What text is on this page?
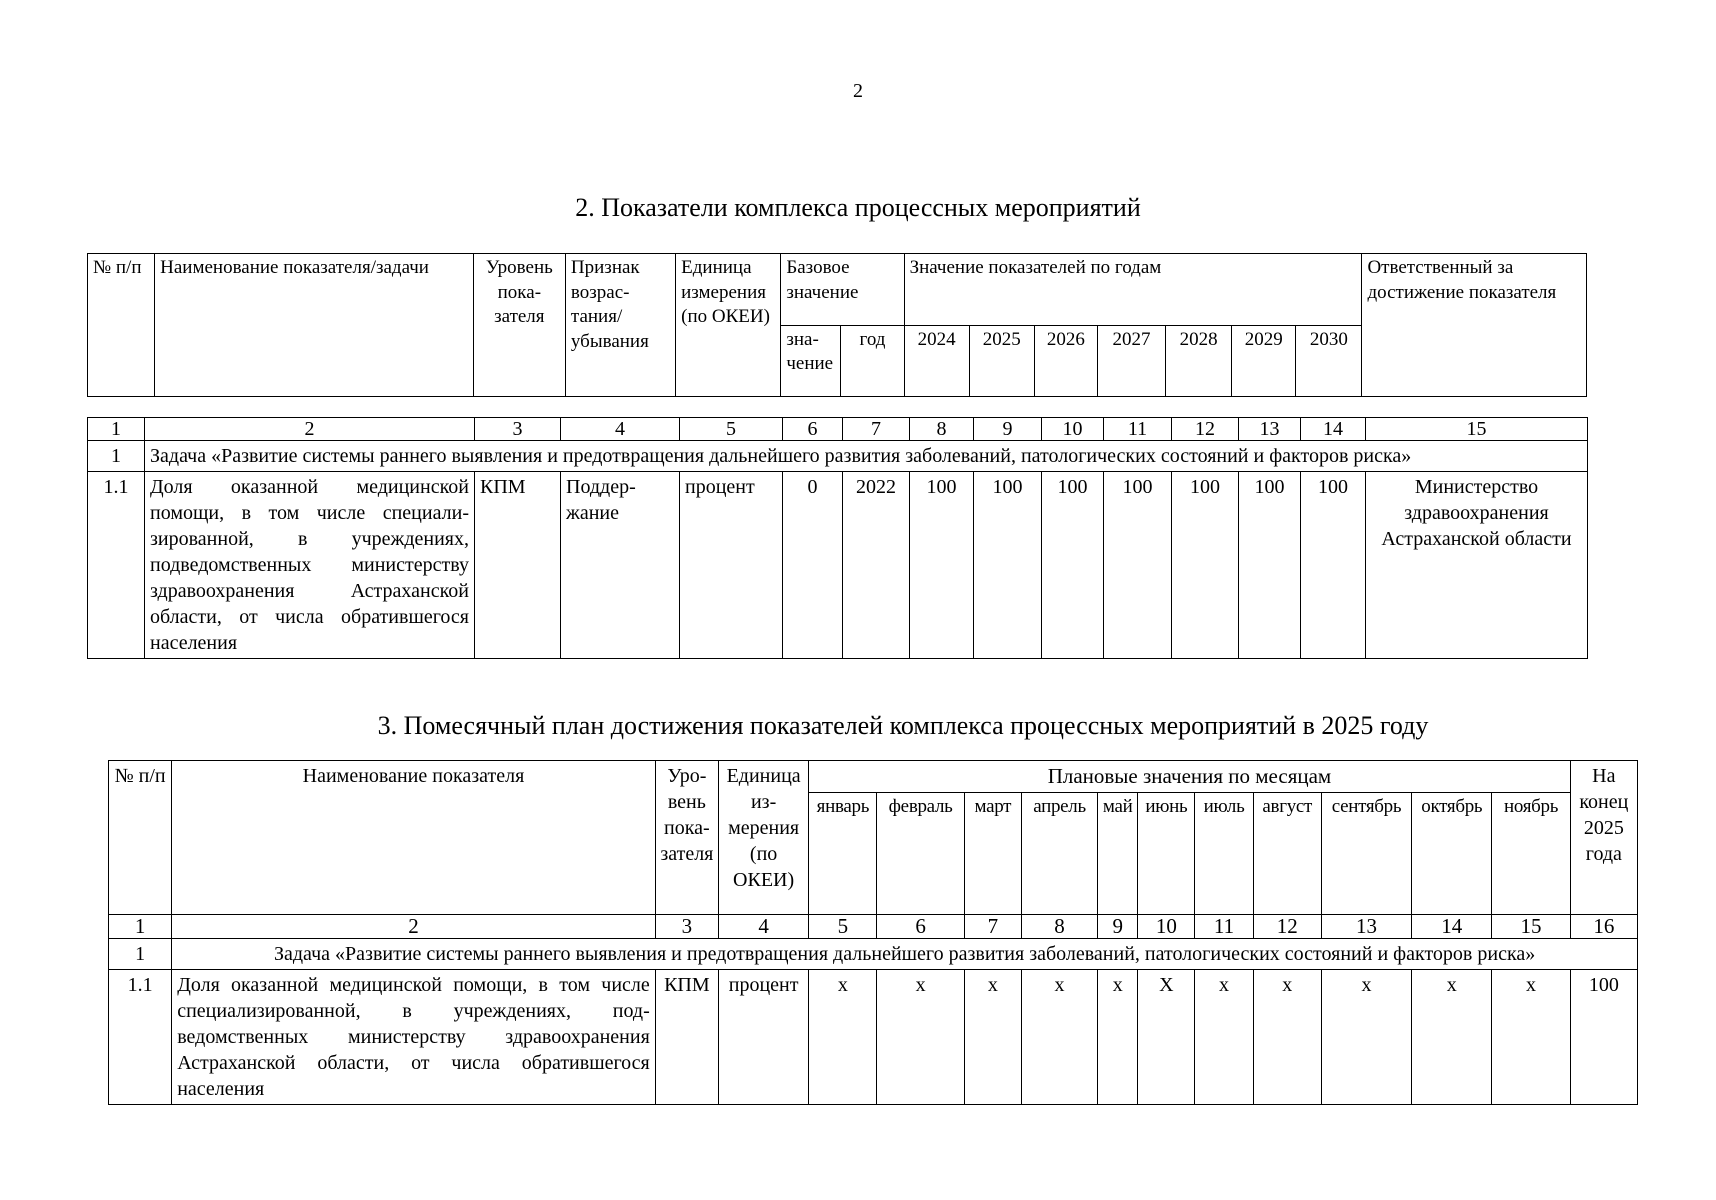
2
2. Показатели комплекса процессных мероприятий
№ п/п	Наименование показателя/задачи	Уровень показателя	Признак возрастания/ убывания	Единица измерения (по ОКЕИ)	Базовое значение		Значение показателей по годам							Ответственный за достижение показателя
					значение	год	2024	2025	2026	2027	2028	2029	2030	
1	2	3	4	5	6	7	8	9	10	11	12	13	14	15
1	Задача «Развитие системы раннего выявления и предотвращения дальнейшего развития заболеваний, патологических состояний и факторов риска»													
1.1	Доля оказанной медицинской помощи, в том числе специализированной, в учреждениях, подведомственных министерству здравоохранения Астраханской области, от числа обратившегося населения	КПМ	Поддержание	процент	0	2022	100	100	100	100	100	100	100	Министерство здравоохранения Астраханской области
3. Помесячный план достижения показателей комплекса процессных мероприятий в 2025 году
№ п/п	Наименование показателя	Уровень показателя	Единица измерения (по ОКЕИ)	Плановые значения по месяцам											На конец 2025 года
				январь	февраль	март	апрель	май	июнь	июль	август	сентябрь	октябрь	ноябрь	
1	2	3	4	5	6	7	8	9	10	11	12	13	14	15	16
1	Задача «Развитие системы раннего выявления и предотвращения дальнейшего развития заболеваний, патологических состояний и факторов риска»														
1.1	Доля оказанной медицинской помощи, в том числе специализированной, в учреждениях, подведомственных министерству здравоохранения Астраханской области, от числа обратившегося населения	КПМ	процент	x	x	x	x	x	X	x	x	x	x	x	100
